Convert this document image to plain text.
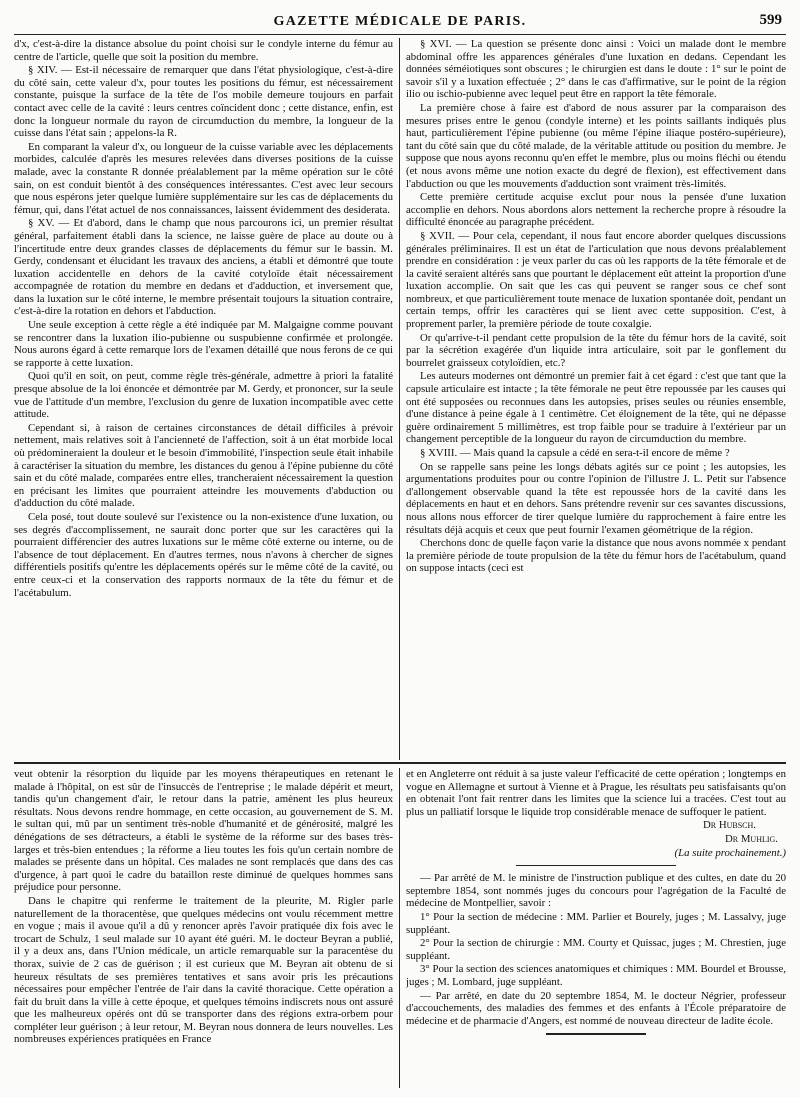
GAZETTE MÉDICALE DE PARIS.	599

d'x, c'est-à-dire la distance absolue du point choisi sur le condyle interne du fémur au centre de l'article, quelle que soit la position du membre.

§ XIV. — Est-il nécessaire de remarquer que dans l'état physiologique, c'est-à-dire du côté sain, cette valeur d'x, pour toutes les positions du fémur, est nécessairement constante, puisque la surface de la tête de l'os mobile demeure toujours en parfait contact avec celle de la cavité : leurs centres coïncident donc ; cette distance, enfin, est donc la longueur normale du rayon de circumduction du membre, la longueur de la cuisse dans l'état sain ; appelons-la R.

En comparant la valeur d'x, ou longueur de la cuisse variable avec les déplacements morbides, calculée d'après les mesures relevées dans diverses positions de la cuisse malade, avec la constante R donnée préalablement par la même opération sur le côté sain, on est conduit bientôt à des conséquences intéressantes. C'est avec leur secours que nous espérons jeter quelque lumière supplémentaire sur les cas de déplacements du fémur, qui, dans l'état actuel de nos connaissances, laissent évidemment des desiderata.

§ XV. — Et d'abord, dans le champ que nous parcourons ici, un premier résultat général, parfaitement établi dans la science, ne laisse guère de place au doute ou à l'incertitude entre deux grandes classes de déplacements du fémur sur le bassin. M. Gerdy, condensant et élucidant les travaux des anciens, a établi et démontré que toute luxation accidentelle en dehors de la cavité cotyloïde était nécessairement accompagnée de rotation du membre en dedans et d'adduction, et inversement que, dans la luxation sur le côté interne, le membre présentait toujours la situation contraire, c'est-à-dire la rotation en dehors et l'abduction.

Une seule exception à cette règle a été indiquée par M. Malgaigne comme pouvant se rencontrer dans la luxation ilio-pubienne ou suspubienne confirmée et prolongée. Nous aurons égard à cette remarque lors de l'examen détaillé que nous ferons de ce qui se rapporte à cette luxation.

Quoi qu'il en soit, on peut, comme règle très-générale, admettre à priori la fatalité presque absolue de la loi énoncée et démontrée par M. Gerdy, et prononcer, sur la seule vue de l'attitude d'un membre, l'exclusion du genre de luxation incompatible avec cette attitude.

Cependant si, à raison de certaines circonstances de détail difficiles à prévoir nettement, mais relatives soit à l'ancienneté de l'affection, soit à un état morbide local où prédomineraient la douleur et le besoin d'immobilité, l'inspection seule était inhabile à caractériser la situation du membre, les distances du genou à l'épine pubienne du côté sain et du côté malade, comparées entre elles, trancheraient nécessairement la question en précisant les limites que pourraient atteindre les mouvements d'abduction ou d'adduction du côté malade.

Cela posé, tout doute soulevé sur l'existence ou la non-existence d'une luxation, ou ses degrés d'accomplissement, ne saurait donc porter que sur les caractères qui la pourraient différencier des autres luxations sur le même côté externe ou interne, ou de l'absence de tout déplacement. En d'autres termes, nous n'avons à chercher de signes différentiels positifs qu'entre les déplacements opérés sur le même côté de la cavité, ou entre ceux-ci et la conservation des rapports normaux de la tête du fémur et de l'acétabulum.

§ XVI. — La question se présente donc ainsi : Voici un malade dont le membre abdominal offre les apparences générales d'une luxation en dedans. Cependant les données séméiotiques sont obscures ; le chirurgien est dans le doute : 1° sur le point de savoir s'il y a luxation effectuée ; 2° dans le cas d'affirmative, sur le point de la région ilio ou ischio-pubienne avec lequel peut être en rapport la tête fémorale.

La première chose à faire est d'abord de nous assurer par la comparaison des mesures prises entre le genou (condyle interne) et les points saillants indiqués plus haut, particulièrement l'épine pubienne (ou même l'épine iliaque postéro-supérieure), tant du côté sain que du côté malade, de la véritable attitude ou position du membre. Je suppose que nous ayons reconnu qu'en effet le membre, plus ou moins fléchi ou étendu (et nous avons même une notion exacte du degré de flexion), est effectivement dans l'abduction ou que les mouvements d'adduction sont vraiment très-limités.

Cette première certitude acquise exclut pour nous la pensée d'une luxation accomplie en dehors. Nous abordons alors nettement la recherche propre à résoudre la difficulté énoncée au paragraphe précédent.

§ XVII. — Pour cela, cependant, il nous faut encore aborder quelques discussions générales préliminaires. Il est un état de l'articulation que nous devons préalablement prendre en considération : je veux parler du cas où les rapports de la tête fémorale et de la cavité seraient altérés sans que pourtant le déplacement eût atteint la proportion d'une luxation accomplie. On sait que les cas qui peuvent se ranger sous ce chef sont nombreux, et que particulièrement toute menace de luxation spontanée doit, pendant un certain temps, offrir les caractères qui se lient avec cette supposition. C'est, à proprement parler, la première période de toute coxalgie.

Or qu'arrive-t-il pendant cette propulsion de la tête du fémur hors de la cavité, soit par la sécrétion exagérée d'un liquide intra articulaire, soit par le gonflement du bourrelet graisseux cotyloïdien, etc.?

Les auteurs modernes ont démontré un premier fait à cet égard : c'est que tant que la capsule articulaire est intacte ; la tête fémorale ne peut être repoussée par les causes qui ont été supposées ou reconnues dans les autopsies, prises seules ou réunies ensemble, d'une distance à peine égale à 1 centimètre. Cet éloignement de la tête, qui ne dépasse guère ordinairement 5 millimètres, est trop faible pour se traduire à l'extérieur par un changement perceptible de la longueur du rayon de circumduction du membre.

§ XVIII. — Mais quand la capsule a cédé en sera-t-il encore de même ?

On se rappelle sans peine les longs débats agités sur ce point ; les autopsies, les argumentations produites pour ou contre l'opinion de l'illustre J. L. Petit sur l'absence d'allongement observable quand la tête est repoussée hors de la cavité dans les déplacements en haut et en dehors. Sans prétendre revenir sur ces savantes discussions, nous allons nous efforcer de tirer quelque lumière du rapprochement à faire entre les résultats déjà acquis et ceux que peut fournir l'examen géométrique de la région.

Cherchons donc de quelle façon varie la distance que nous avons nommée x pendant la première période de toute propulsion de la tête du fémur hors de l'acétabulum, quand on suppose intacts (ceci est

veut obtenir la résorption du liquide par les moyens thérapeutiques en retenant le malade à l'hôpital, on est sûr de l'insuccès de l'entreprise ; le malade dépérit et meurt, tandis qu'un changement d'air, le retour dans la patrie, amènent les plus heureux résultats. Nous devons rendre hommage, en cette occasion, au gouvernement de S. M. le sultan qui, mû par un sentiment très-noble d'humanité et de générosité, malgré les dénégations de ses détracteurs, a établi le système de la réforme sur des bases très-larges et très-bien entendues ; la réforme a lieu toutes les fois qu'un certain nombre de malades se présente dans un hôpital. Ces malades ne sont remplacés que dans des cas d'urgence, à part quoi le cadre du bataillon reste diminué de quelques hommes sans préjudice pour personne.

Dans le chapitre qui renferme le traitement de la pleurite, M. Rigler parle naturellement de la thoracentèse, que quelques médecins ont voulu récemment mettre en vogue ; mais il avoue qu'il a dû y renoncer après l'avoir pratiquée dix fois avec le trocart de Schulz, 1 seul malade sur 10 ayant été guéri. M. le docteur Beyran a publié, il y a deux ans, dans l'Union médicale, un article remarquable sur la paracentèse du thorax, suivie de 2 cas de guérison ; il est curieux que M. Beyran ait obtenu de si heureux résultats de ses premières tentatives et sans avoir pris les précautions nécessaires pour empêcher l'entrée de l'air dans la cavité thoracique. Cette opération a fait du bruit dans la ville à cette époque, et quelques témoins indiscrets nous ont assuré que les malheureux opérés ont dû se transporter dans des régions extra-orbem pour compléter leur guérison ; à leur retour, M. Beyran nous donnera de leurs nouvelles. Les nombreuses expériences pratiquées en France

et en Angleterre ont réduit à sa juste valeur l'efficacité de cette opération ; longtemps en vogue en Allemagne et surtout à Vienne et à Prague, les résultats peu satisfaisants qu'on en obtenait l'ont fait rentrer dans les limites que la science lui a tracées. C'est tout au plus un palliatif lorsque le liquide trop considérable menace de suffoquer le patient.

Dr Hubsch.

Dr Muhlig.

(La suite prochainement.)

— Par arrêté de M. le ministre de l'instruction publique et des cultes, en date du 20 septembre 1854, sont nommés juges du concours pour l'agrégation de la Faculté de médecine de Montpellier, savoir :

1° Pour la section de médecine : MM. Parlier et Bourely, juges ; M. Lassalvy, juge suppléant.

2° Pour la section de chirurgie : MM. Courty et Quissac, juges ; M. Chrestien, juge suppléant.

3° Pour la section des sciences anatomiques et chimiques : MM. Bourdel et Brousse, juges ; M. Lombard, juge suppléant.

— Par arrêté, en date du 20 septembre 1854, M. le docteur Négrier, professeur d'accouchements, des maladies des femmes et des enfants à l'École préparatoire de médecine et de pharmacie d'Angers, est nommé de nouveau directeur de ladite école.
